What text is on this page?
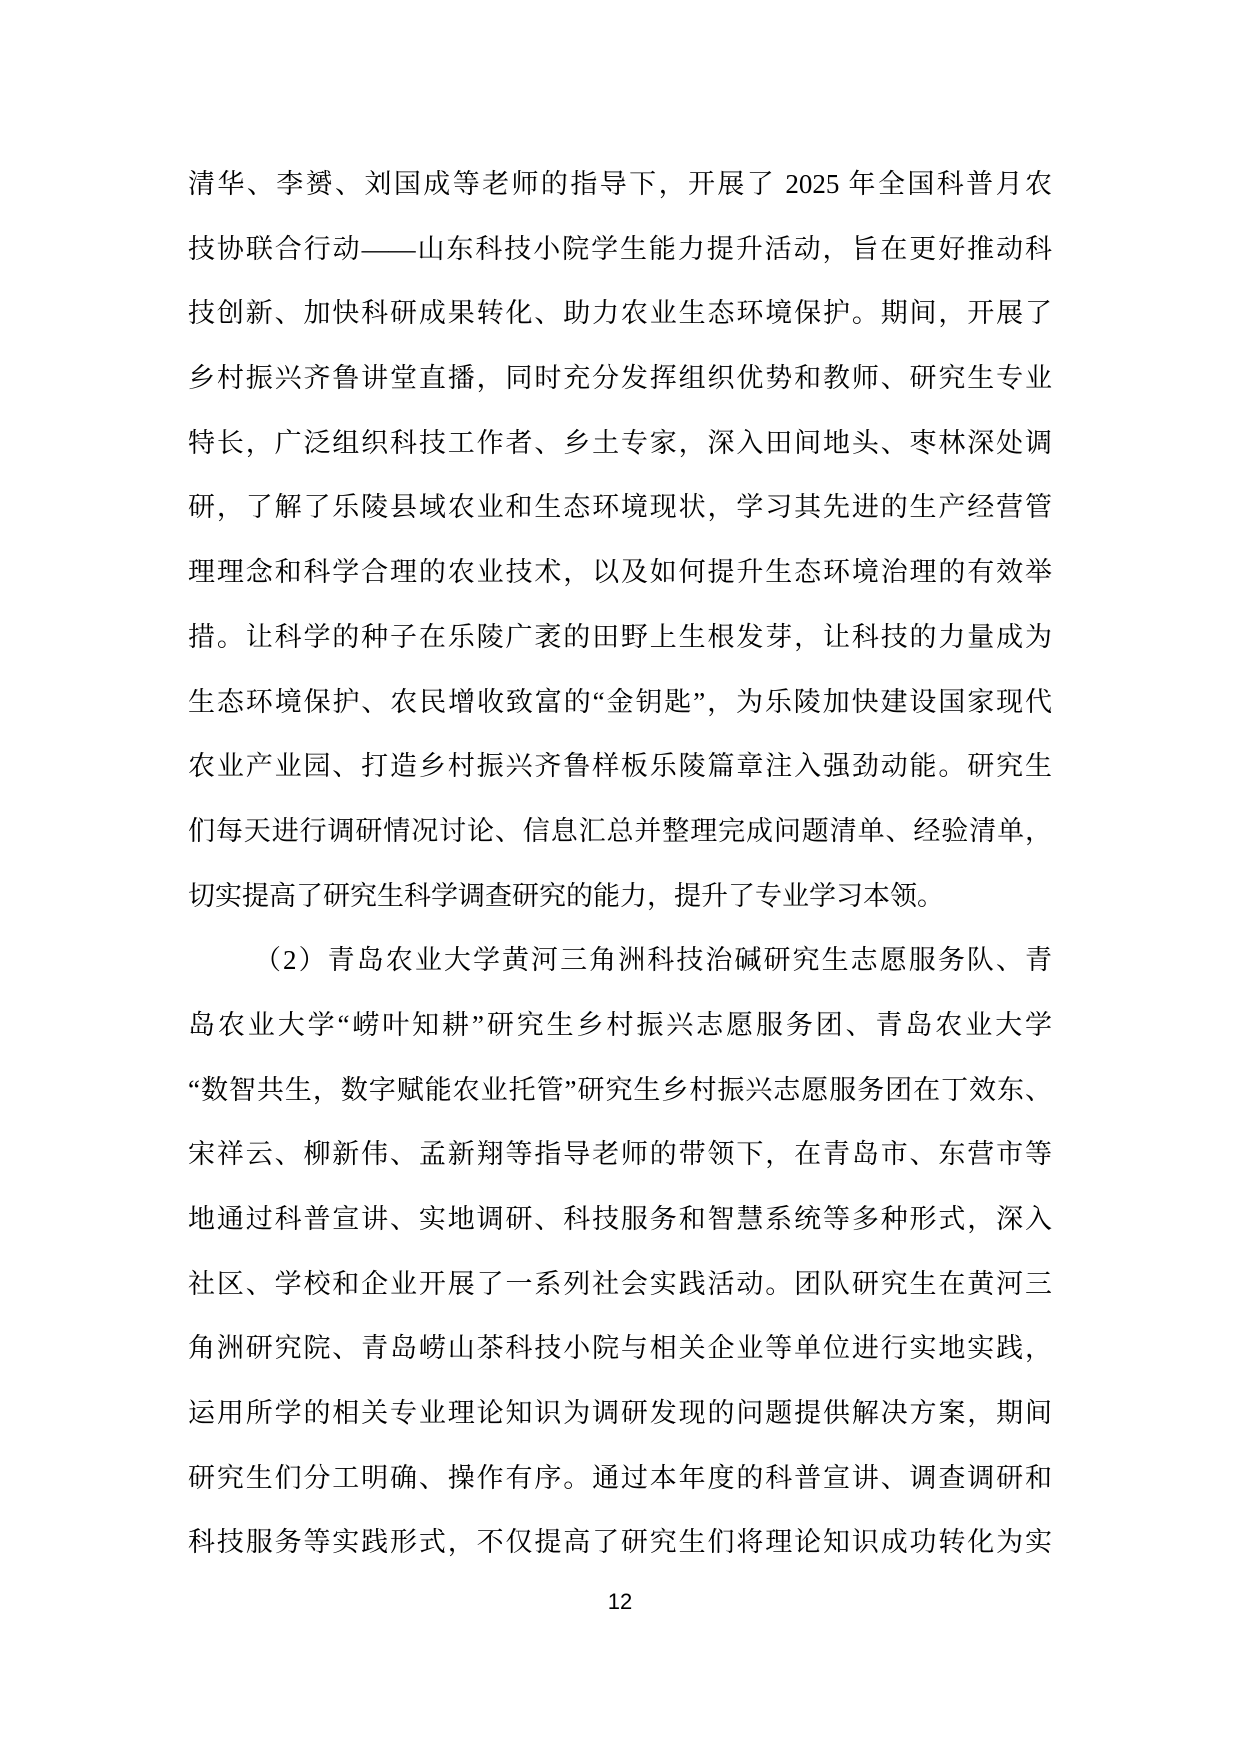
清华、李赟、刘国成等老师的指导下，开展了 2025 年全国科普月农
技协联合行动——山东科技小院学生能力提升活动，旨在更好推动科
技创新、加快科研成果转化、助力农业生态环境保护。期间，开展了
乡村振兴齐鲁讲堂直播，同时充分发挥组织优势和教师、研究生专业
特长，广泛组织科技工作者、乡土专家，深入田间地头、枣林深处调
研，了解了乐陵县域农业和生态环境现状，学习其先进的生产经营管
理理念和科学合理的农业技术，以及如何提升生态环境治理的有效举
措。让科学的种子在乐陵广袤的田野上生根发芽，让科技的力量成为
生态环境保护、农民增收致富的“金钥匙”，为乐陵加快建设国家现代
农业产业园、打造乡村振兴齐鲁样板乐陵篇章注入强劲动能。研究生
们每天进行调研情况讨论、信息汇总并整理完成问题清单、经验清单，
切实提高了研究生科学调查研究的能力，提升了专业学习本领。
（2）青岛农业大学黄河三角洲科技治碱研究生志愿服务队、青
岛农业大学“崂叶知耕”研究生乡村振兴志愿服务团、青岛农业大学
“数智共生，数字赋能农业托管”研究生乡村振兴志愿服务团在丁效东、
宋祥云、柳新伟、孟新翔等指导老师的带领下，在青岛市、东营市等
地通过科普宣讲、实地调研、科技服务和智慧系统等多种形式，深入
社区、学校和企业开展了一系列社会实践活动。团队研究生在黄河三
角洲研究院、青岛崂山茶科技小院与相关企业等单位进行实地实践，
运用所学的相关专业理论知识为调研发现的问题提供解决方案，期间
研究生们分工明确、操作有序。通过本年度的科普宣讲、调查调研和
科技服务等实践形式，不仅提高了研究生们将理论知识成功转化为实
12
